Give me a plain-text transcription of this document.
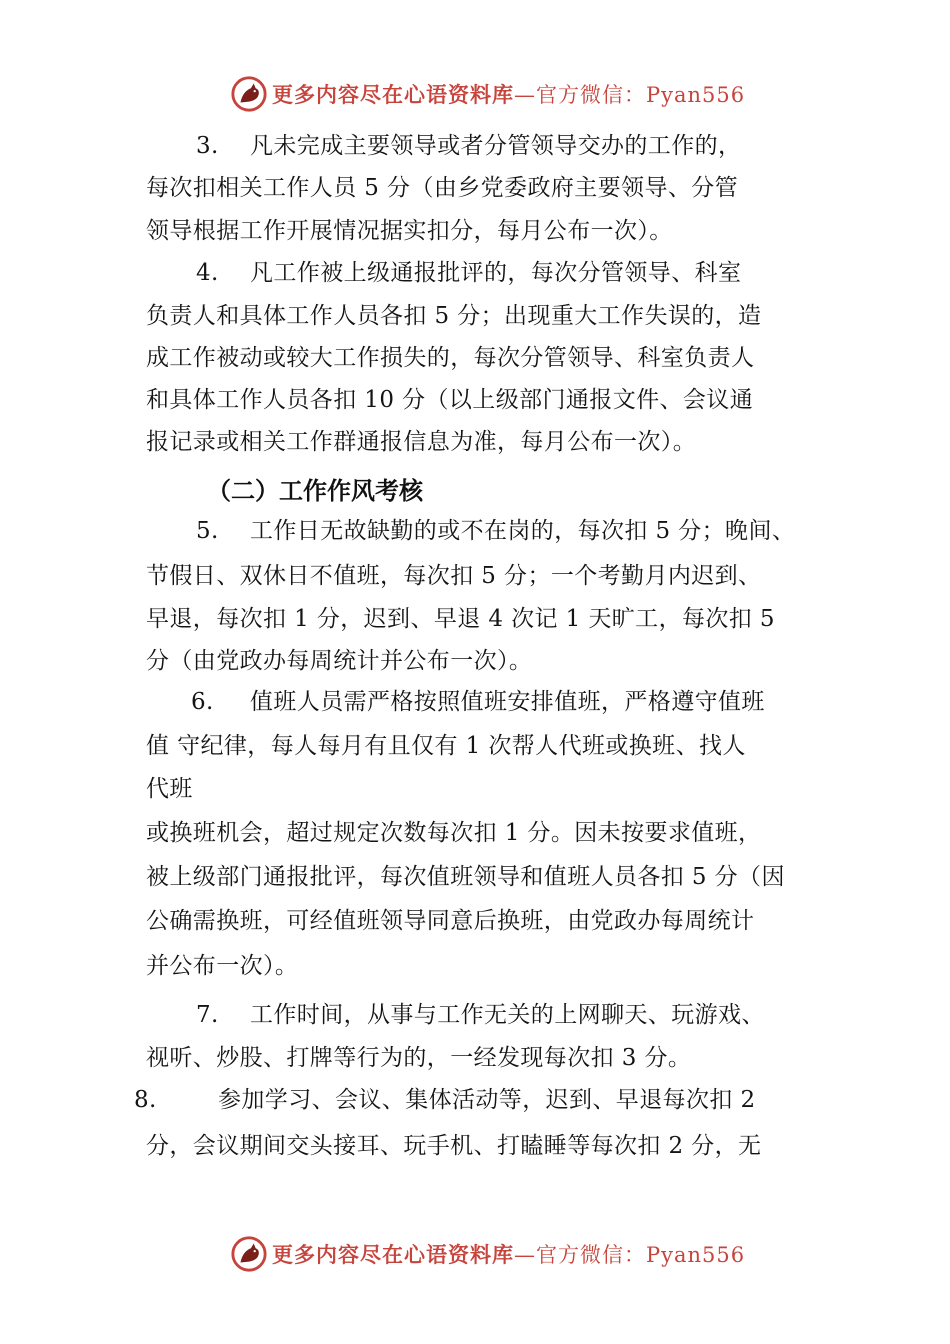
更多内容尽在心语资料库—官方微信：Pyan556
3. 凡未完成主要领导或者分管领导交办的工作的，
每次扣相关工作人员 5 分（由乡党委政府主要领导、分管
领导根据工作开展情况据实扣分，每月公布一次）。
4. 凡工作被上级通报批评的，每次分管领导、科室
负责人和具体工作人员各扣 5 分；出现重大工作失误的，造
成工作被动或较大工作损失的，每次分管领导、科室负责人
和具体工作人员各扣 10 分（以上级部门通报文件、会议通
报记录或相关工作群通报信息为准，每月公布一次）。
（二）工作作风考核
5. 工作日无故缺勤的或不在岗的，每次扣 5 分；晚间、
节假日、双休日不值班，每次扣 5 分；一个考勤月内迟到、
早退，每次扣 1 分，迟到、早退 4 次记 1 天旷工，每次扣 5
分（由党政办每周统计并公布一次）。
6. 值班人员需严格按照值班安排值班，严格遵守值班
值 守纪律，每人每月有且仅有 1 次帮人代班或换班、找人
代班
或换班机会，超过规定次数每次扣 1 分。因未按要求值班，
被上级部门通报批评，每次值班领导和值班人员各扣 5 分（因
公确需换班，可经值班领导同意后换班，由党政办每周统计
并公布一次）。
7. 工作时间，从事与工作无关的上网聊天、玩游戏、
视听、炒股、打牌等行为的，一经发现每次扣 3 分。
8.	参加学习、会议、集体活动等，迟到、早退每次扣 2
分，会议期间交头接耳、玩手机、打瞌睡等每次扣 2 分，无
更多内容尽在心语资料库—官方微信：Pyan556
